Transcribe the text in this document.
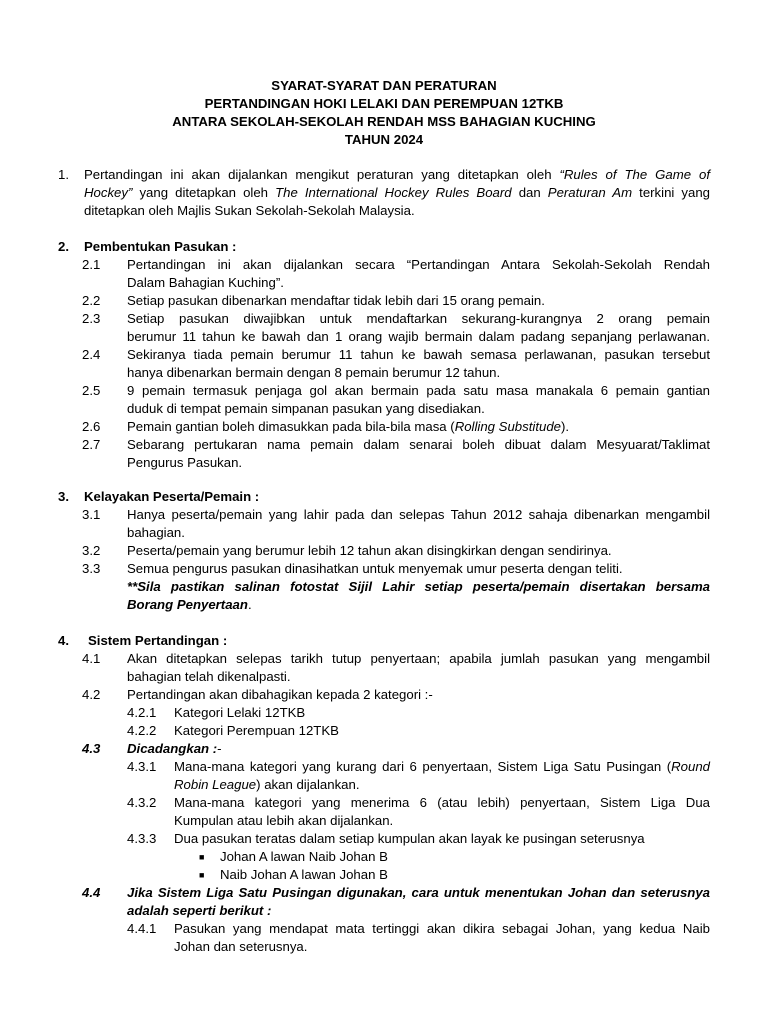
SYARAT-SYARAT DAN PERATURAN
PERTANDINGAN HOKI LELAKI DAN PEREMPUAN 12TKB
ANTARA SEKOLAH-SEKOLAH RENDAH MSS BAHAGIAN KUCHING
TAHUN 2024
1. Pertandingan ini akan dijalankan mengikut peraturan yang ditetapkan oleh “Rules of The Game of
Hockey” yang ditetapkan oleh The International Hockey Rules Board dan Peraturan Am terkini yang
ditetapkan oleh Majlis Sukan Sekolah-Sekolah Malaysia.
2. Pembentukan Pasukan :
2.1 Pertandingan ini akan dijalankan secara “Pertandingan Antara Sekolah-Sekolah Rendah
Dalam Bahagian Kuching”.
2.2 Setiap pasukan dibenarkan mendaftar tidak lebih dari 15 orang pemain.
2.3 Setiap pasukan diwajibkan untuk mendaftarkan sekurang-kurangnya 2 orang pemain
berumur 11 tahun ke bawah dan 1 orang wajib bermain dalam padang sepanjang perlawanan.
2.4 Sekiranya tiada pemain berumur 11 tahun ke bawah semasa perlawanan, pasukan tersebut
hanya dibenarkan bermain dengan 8 pemain berumur 12 tahun.
2.5 9 pemain termasuk penjaga gol akan bermain pada satu masa manakala 6 pemain gantian
duduk di tempat pemain simpanan pasukan yang disediakan.
2.6 Pemain gantian boleh dimasukkan pada bila-bila masa (Rolling Substitude).
2.7 Sebarang pertukaran nama pemain dalam senarai boleh dibuat dalam Mesyuarat/Taklimat
Pengurus Pasukan.
3. Kelayakan Peserta/Pemain :
3.1 Hanya peserta/pemain yang lahir pada dan selepas Tahun 2012 sahaja dibenarkan mengambil
bahagian.
3.2 Peserta/pemain yang berumur lebih 12 tahun akan disingkirkan dengan sendirinya.
3.3 Semua pengurus pasukan dinasihatkan untuk menyemak umur peserta dengan teliti.
**Sila pastikan salinan fotostat Sijil Lahir setiap peserta/pemain disertakan bersama
Borang Penyertaan.
4. Sistem Pertandingan :
4.1 Akan ditetapkan selepas tarikh tutup penyertaan; apabila jumlah pasukan yang mengambil
bahagian telah dikenalpasti.
4.2 Pertandingan akan dibahagikan kepada 2 kategori :-
4.2.1 Kategori Lelaki 12TKB
4.2.2 Kategori Perempuan 12TKB
4.3 Dicadangkan :-
4.3.1 Mana-mana kategori yang kurang dari 6 penyertaan, Sistem Liga Satu Pusingan (Round
Robin League) akan dijalankan.
4.3.2 Mana-mana kategori yang menerima 6 (atau lebih) penyertaan, Sistem Liga Dua
Kumpulan atau lebih akan dijalankan.
4.3.3 Dua pasukan teratas dalam setiap kumpulan akan layak ke pusingan seterusnya
■ Johan A lawan Naib Johan B
■ Naib Johan A lawan Johan B
4.4 Jika Sistem Liga Satu Pusingan digunakan, cara untuk menentukan Johan dan seterusnya
adalah seperti berikut :
4.4.1 Pasukan yang mendapat mata tertinggi akan dikira sebagai Johan, yang kedua Naib
Johan dan seterusnya.
